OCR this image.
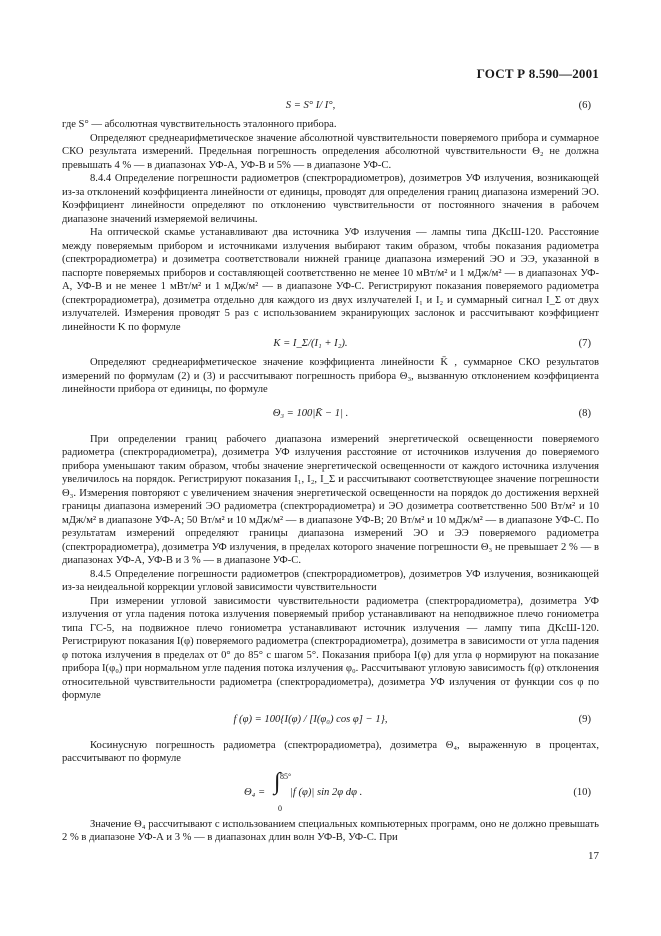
ГОСТ Р 8.590—2001
S = S° I/ I°,	(6)

где S° — абсолютная чувствительность эталонного прибора.

Определяют среднеарифметическое значение абсолютной чувствительности поверяемого прибора и суммарное СКО результата измерений. Предельная погрешность определения абсолютной чувствительности Θ₂ не должна превышать 4 % — в диапазонах УФ-А, УФ-В и 5% — в диапазоне УФ-С.

8.4.4 Определение погрешности радиометров (спектрорадиометров), дозиметров УФ излучения, возникающей из-за отклонений коэффициента линейности от единицы, проводят для определения границ диапазона измерений ЭО. Коэффициент линейности определяют по отклонению чувствительности от постоянного значения в рабочем диапазоне значений измеряемой величины.

На оптической скамье устанавливают два источника УФ излучения — лампы типа ДКсШ-120. Расстояние между поверяемым прибором и источниками излучения выбирают таким образом, чтобы показания радиометра (спектрорадиометра) и дозиметра соответствовали нижней границе диапазона измерений ЭО и ЭЭ, указанной в паспорте поверяемых приборов и составляющей соответственно не менее 10 мВт/м² и 1 мДж/м² — в диапазонах УФ-А, УФ-В и не менее 1 мВт/м² и 1 мДж/м² — в диапазоне УФ-С. Регистрируют показания поверяемого радиометра (спектрорадиометра), дозиметра отдельно для каждого из двух излучателей I₁ и I₂ и суммарный сигнал I_Σ от двух излучателей. Измерения проводят 5 раз с использованием экранирующих заслонок и рассчитывают коэффициент линейности K по формуле

K = I_Σ/(I₁ + I₂).	(7)

Определяют среднеарифметическое значение коэффициента линейности K̄ , суммарное СКО результатов измерений по формулам (2) и (3) и рассчитывают погрешность прибора Θ₃, вызванную отклонением коэффициента линейности прибора от единицы, по формуле

Θ₃ = 100|K̄ − 1| .	(8)

При определении границ рабочего диапазона измерений энергетической освещенности поверяемого радиометра (спектрорадиометра), дозиметра УФ излучения расстояние от источников излучения до поверяемого прибора уменьшают таким образом, чтобы значение энергетической освещенности от каждого источника излучения увеличилось на порядок. Регистрируют показания I₁, I₂, I_Σ и рассчитывают соответствующее значение погрешности Θ₃. Измерения повторяют с увеличением значения энергетической освещенности на порядок до достижения верхней границы диапазона измерений ЭО радиометра (спектрорадиометра) и ЭО дозиметра соответственно 500 Вт/м² и 10 мДж/м² в диапазоне УФ-А; 50 Вт/м² и 10 мДж/м² — в диапазоне УФ-В; 20 Вт/м² и 10 мДж/м² — в диапазоне УФ-С. По результатам измерений определяют границы диапазона измерений ЭО и ЭЭ поверяемого радиометра (спектрорадиометра), дозиметра УФ излучения, в пределах которого значение погрешности Θ₃ не превышает 2 % — в диапазонах УФ-А, УФ-В и 3 % — в диапазоне УФ-С.

8.4.5 Определение погрешности радиометров (спектрорадиометров), дозиметров УФ излучения, возникающей из-за неидеальной коррекции угловой зависимости чувствительности

При измерении угловой зависимости чувствительности радиометра (спектрорадиометра), дозиметра УФ излучения от угла падения потока излучения поверяемый прибор устанавливают на неподвижное плечо гониометра типа ГС-5, на подвижное плечо гониометра устанавливают источник излучения — лампу типа ДКсШ-120. Регистрируют показания I(φ) поверяемого радиометра (спектрорадиометра), дозиметра в зависимости от угла падения φ потока излучения в пределах от 0° до 85° с шагом 5°. Показания прибора I(φ) для угла φ нормируют на показание прибора I(φ₀) при нормальном угле падения потока излучения φ₀. Рассчитывают угловую зависимость f(φ) отклонения относительной чувствительности радиометра (спектрорадиометра), дозиметра УФ излучения от функции cos φ по формуле

f (φ) = 100{I(φ) / [I(φ₀) cos φ] − 1},	(9)

Косинусную погрешность радиометра (спектрорадиометра), дозиметра Θ₄, выраженную в процентах, рассчитывают по формуле

Θ₄ =
85°
∫
0
|f (φ)| sin 2φ dφ .	(10)

Значение Θ₄ рассчитывают с использованием специальных компьютерных программ, оно не должно превышать 2 % в диапазоне УФ-А и 3 % — в диапазонах длин волн УФ-В, УФ-С. При

17
